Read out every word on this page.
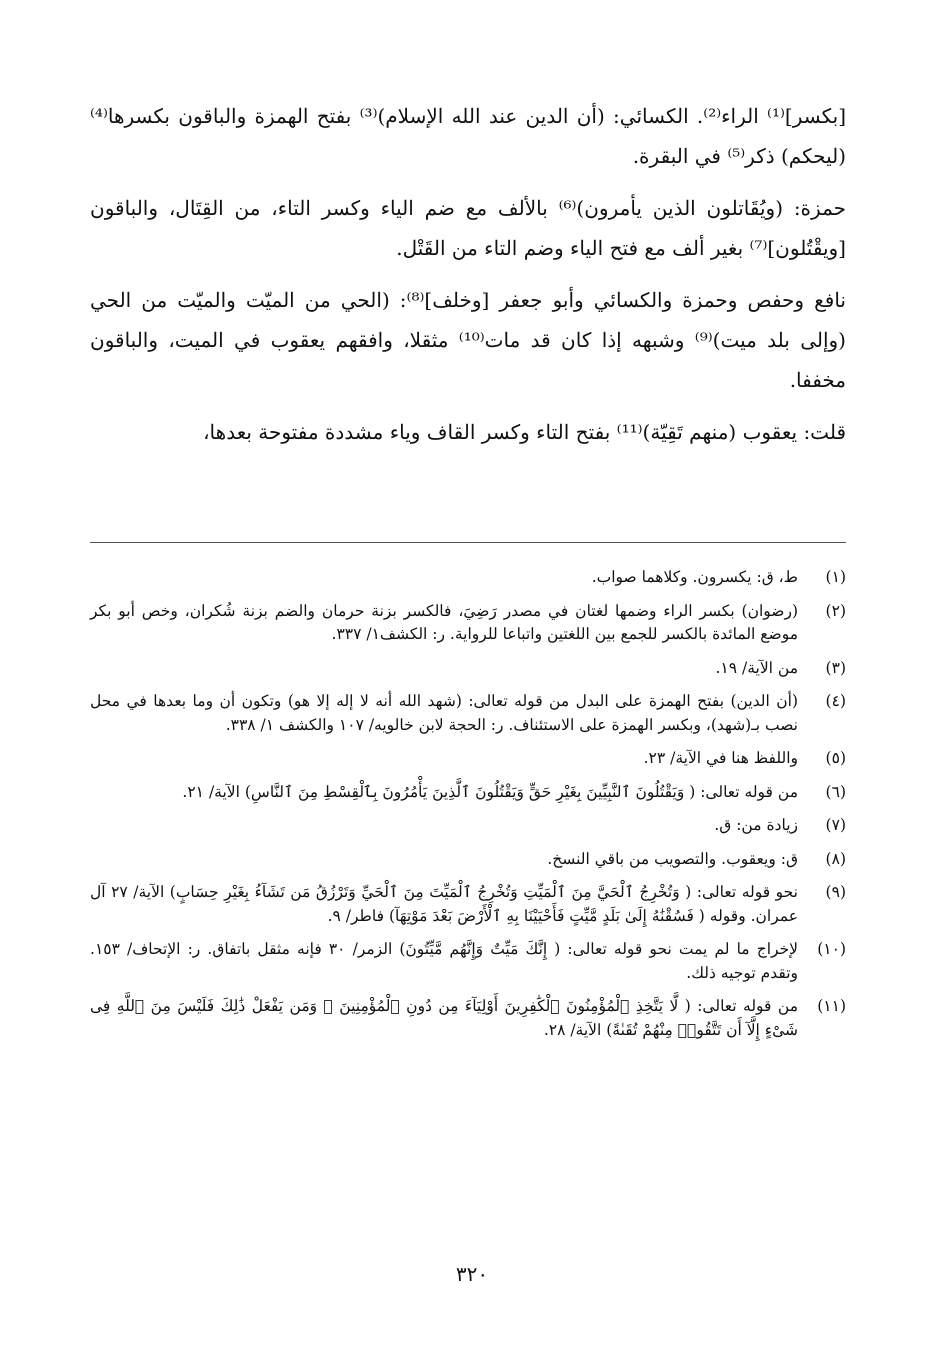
[بكسر]⁽¹⁾ الراء⁽²⁾. الكسائي: (أن الدين عند الله الإسلام)⁽³⁾ بفتح الهمزة والباقون بكسرها⁽⁴⁾ (ليحكم) ذكر⁽⁵⁾ في البقرة.

حمزة: (ويُقَاتلون الذين يأمرون)⁽⁶⁾ بالألف مع ضم الياء وكسر التاء، من القِتَال، والباقون [ويقْتُلون]⁽⁷⁾ بغير ألف مع فتح الياء وضم التاء من القَتْل.

نافع وحفص وحمزة والكسائي وأبو جعفر [وخلف]⁽⁸⁾: (الحي من الميّت والميّت من الحي (وإلى بلد ميت)⁽⁹⁾ وشبهه إذا كان قد مات⁽¹⁰⁾ مثقلا، وافقهم يعقوب في الميت، والباقون مخففا.

قلت: يعقوب (منهم تَقِيّة)⁽¹¹⁾ بفتح التاء وكسر القاف وياء مشددة مفتوحة بعدها،

(١)
ط، ق: يكسرون. وكلاهما صواب.
(٢)
(رضوان) بكسر الراء وضمها لغتان في مصدر رَضِيَ، فالكسر بزنة حرمان والضم بزنة شُكران، وخص أبو بكر موضع المائدة بالكسر للجمع بين اللغتين واتباعا للرواية. ر: الكشف١/ ٣٣٧.
(٣)
من الآية/ ١٩.
(٤)
(أن الدين) بفتح الهمزة على البدل من قوله تعالى: (شهد الله أنه لا إله إلا هو) وتكون أن وما بعدها في محل نصب بـ(شهد)، وبكسر الهمزة على الاستئناف. ر: الحجة لابن خالويه/ ١٠٧ والكشف ١/ ٣٣٨.
(٥)
واللفظ هنا في الآية/ ٢٣.
(٦)
من قوله تعالى: ( وَيَقْتُلُونَ ٱلنَّبِيِّينَ بِغَيْرِ حَقٍّ وَيَقْتُلُونَ ٱلَّذِينَ يَأْمُرُونَ بِٱلْقِسْطِ مِنَ ٱلنَّاسِ) الآية/ ٢١.
(٧)
زيادة من: ق.
(٨)
ق: ويعقوب. والتصويب من باقي النسخ.
(٩)
نحو قوله تعالى: ( وَتُخْرِجُ ٱلْحَيَّ مِنَ ٱلْمَيِّتِ وَتُخْرِجُ ٱلْمَيِّتَ مِنَ ٱلْحَيِّ وَتَرْزُقُ مَن تَشَآءُ بِغَيْرِ حِسَابٍ) الآية/ ٢٧ آل عمران. وقوله ( فَسُقْنَٰهُ إِلَىٰ بَلَدٍ مَّيِّتٍ فَأَحْيَيْنَا بِهِ ٱلْأَرْضَ بَعْدَ مَوْتِهَآ) فاطر/ ٩.
(١٠)
لإخراج ما لم يمت نحو قوله تعالى: ( إِنَّكَ مَيِّتٌ وَإِنَّهُم مَّيِّتُونَ) الزمر/ ٣٠ فإنه مثقل باتفاق. ر: الإتحاف/ ١٥٣. وتقدم توجيه ذلك.
(١١)
من قوله تعالى: ( لَّا يَتَّخِذِ ٱلْمُؤْمِنُونَ ٱلْكَٰفِرِينَ أَوْلِيَآءَ مِن دُونِ ٱلْمُؤْمِنِينَ ۖ وَمَن يَفْعَلْ ذَٰلِكَ فَلَيْسَ مِنَ ٱللَّهِ فِى شَىْءٍ إِلَّآ أَن تَتَّقُوا۟ مِنْهُمْ تُقَىٰةً) الآية/ ٢٨.
٣٢٠
